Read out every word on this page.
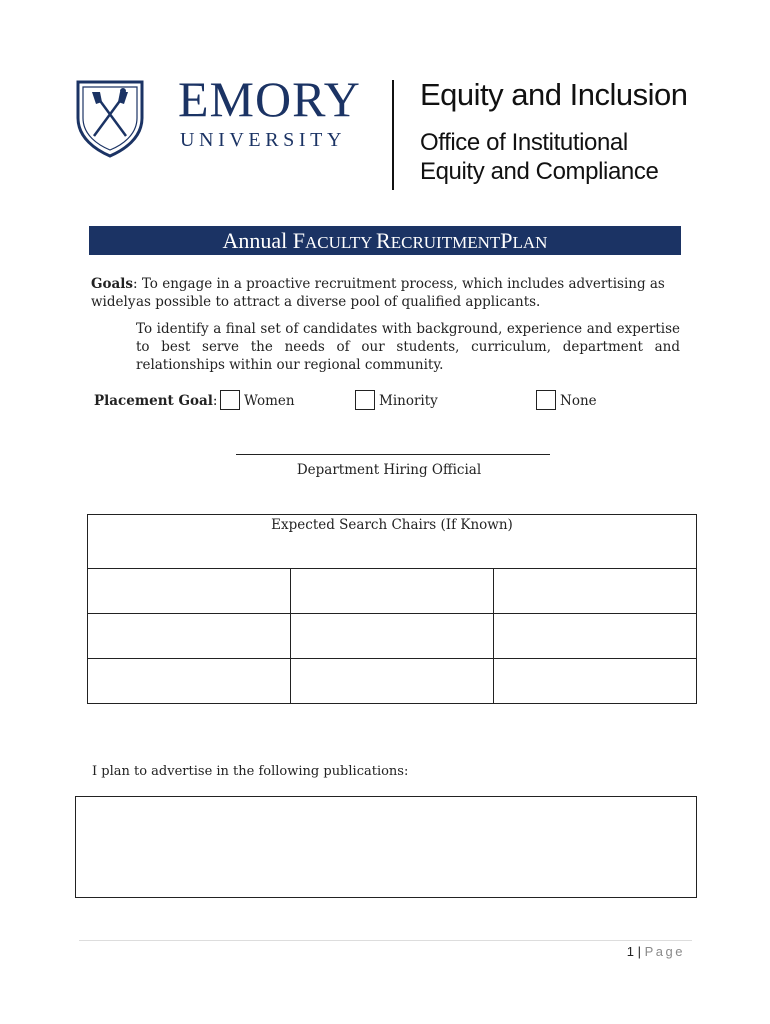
EMORY
UNIVERSITY
Equity and Inclusion
Office of Institutional
Equity and Compliance
Annual FACULTY RECRUITMENTPLAN
Goals: To engage in a proactive recruitment process, which includes advertising as widely as possible to attract a diverse pool of qualified applicants.
To identify a final set of candidates with background, experience and expertise to best serve the needs of our students, curriculum, department and relationships within our regional community.
Placement Goal: Women	Minority	None
Department Hiring Official
Expected Search Chairs (If Known)
I plan to advertise in the following publications:
1 | Page
